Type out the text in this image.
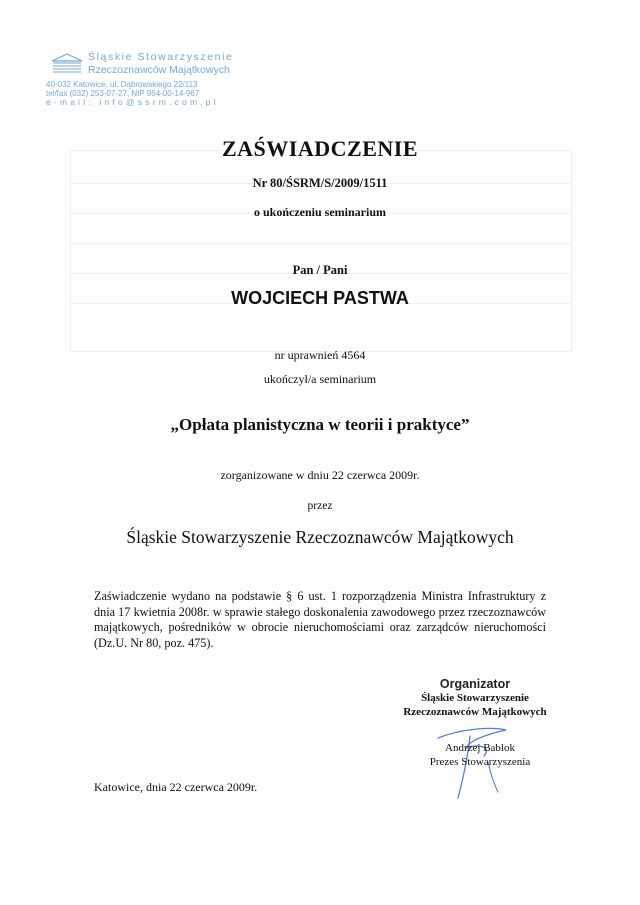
Śląskie Stowarzyszenie
Rzeczoznawców Majątkowych
40-032 Katowice, ul. Dąbrowskiego 22/113
tel/fax (032) 253-07-27, NIP 954-00-14-967
e-mail: info@ssrm.com.pl
ZAŚWIADCZENIE
Nr 80/ŚSRM/S/2009/1511
o ukończeniu seminarium
Pan / Pani
WOJCIECH PASTWA
nr uprawnień 4564
ukończył/a seminarium
„Opłata planistyczna w teorii i praktyce”
zorganizowane w dniu 22 czerwca 2009r.
przez
Śląskie Stowarzyszenie Rzeczoznawców Majątkowych
Zaświadczenie wydano na podstawie § 6 ust. 1 rozporządzenia Ministra Infrastruktury z dnia 17 kwietnia 2008r. w sprawie stałego doskonalenia zawodowego przez rzeczoznawców majątkowych, pośredników w obrocie nieruchomościami oraz zarządców nieruchomości (Dz.U. Nr 80, poz. 475).
Organizator
Śląskie Stowarzyszenie
Rzeczoznawców Majątkowych
Andrzej Bablok
Prezes Stowarzyszenia
Katowice, dnia 22 czerwca 2009r.
